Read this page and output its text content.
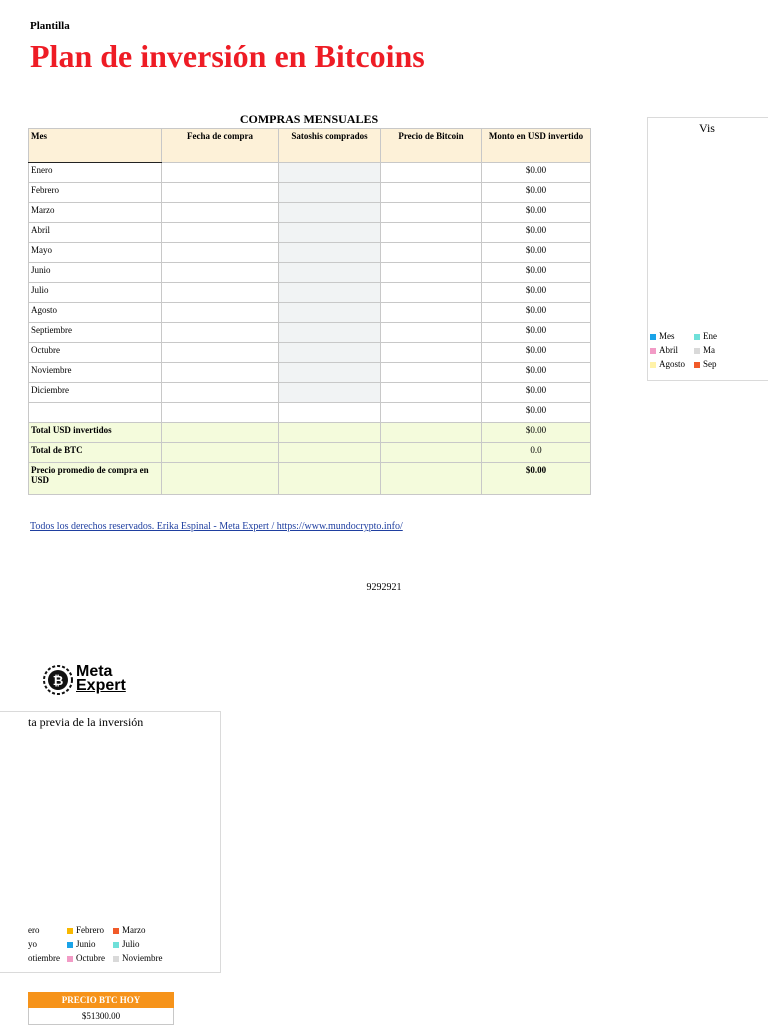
Plantilla
Plan de inversión en Bitcoins
COMPRAS MENSUALES
Mes	Fecha de compra	Satoshis comprados	Precio de Bitcoin	Monto en USD invertido
Enero				$0.00
Febrero				$0.00
Marzo				$0.00
Abril				$0.00
Mayo				$0.00
Junio				$0.00
Julio				$0.00
Agosto				$0.00
Septiembre				$0.00
Octubre				$0.00
Noviembre				$0.00
Diciembre				$0.00
				$0.00
Total USD invertidos				$0.00
Total de BTC				0.0
Precio promedio de compra en USD				$0.00
Todos los derechos reservados. Erika Espinal - Meta Expert / https://www.mundocrypto.info/
9292921
Vis
Mes	Ene
Abril	Ma
Agosto	Sep
₿
Meta
Expert
ta previa de la inversión
ero	Febrero	Marzo
yo	Junio	Julio
otiembre	Octubre	Noviembre
PRECIO BTC HOY
$51300.00
